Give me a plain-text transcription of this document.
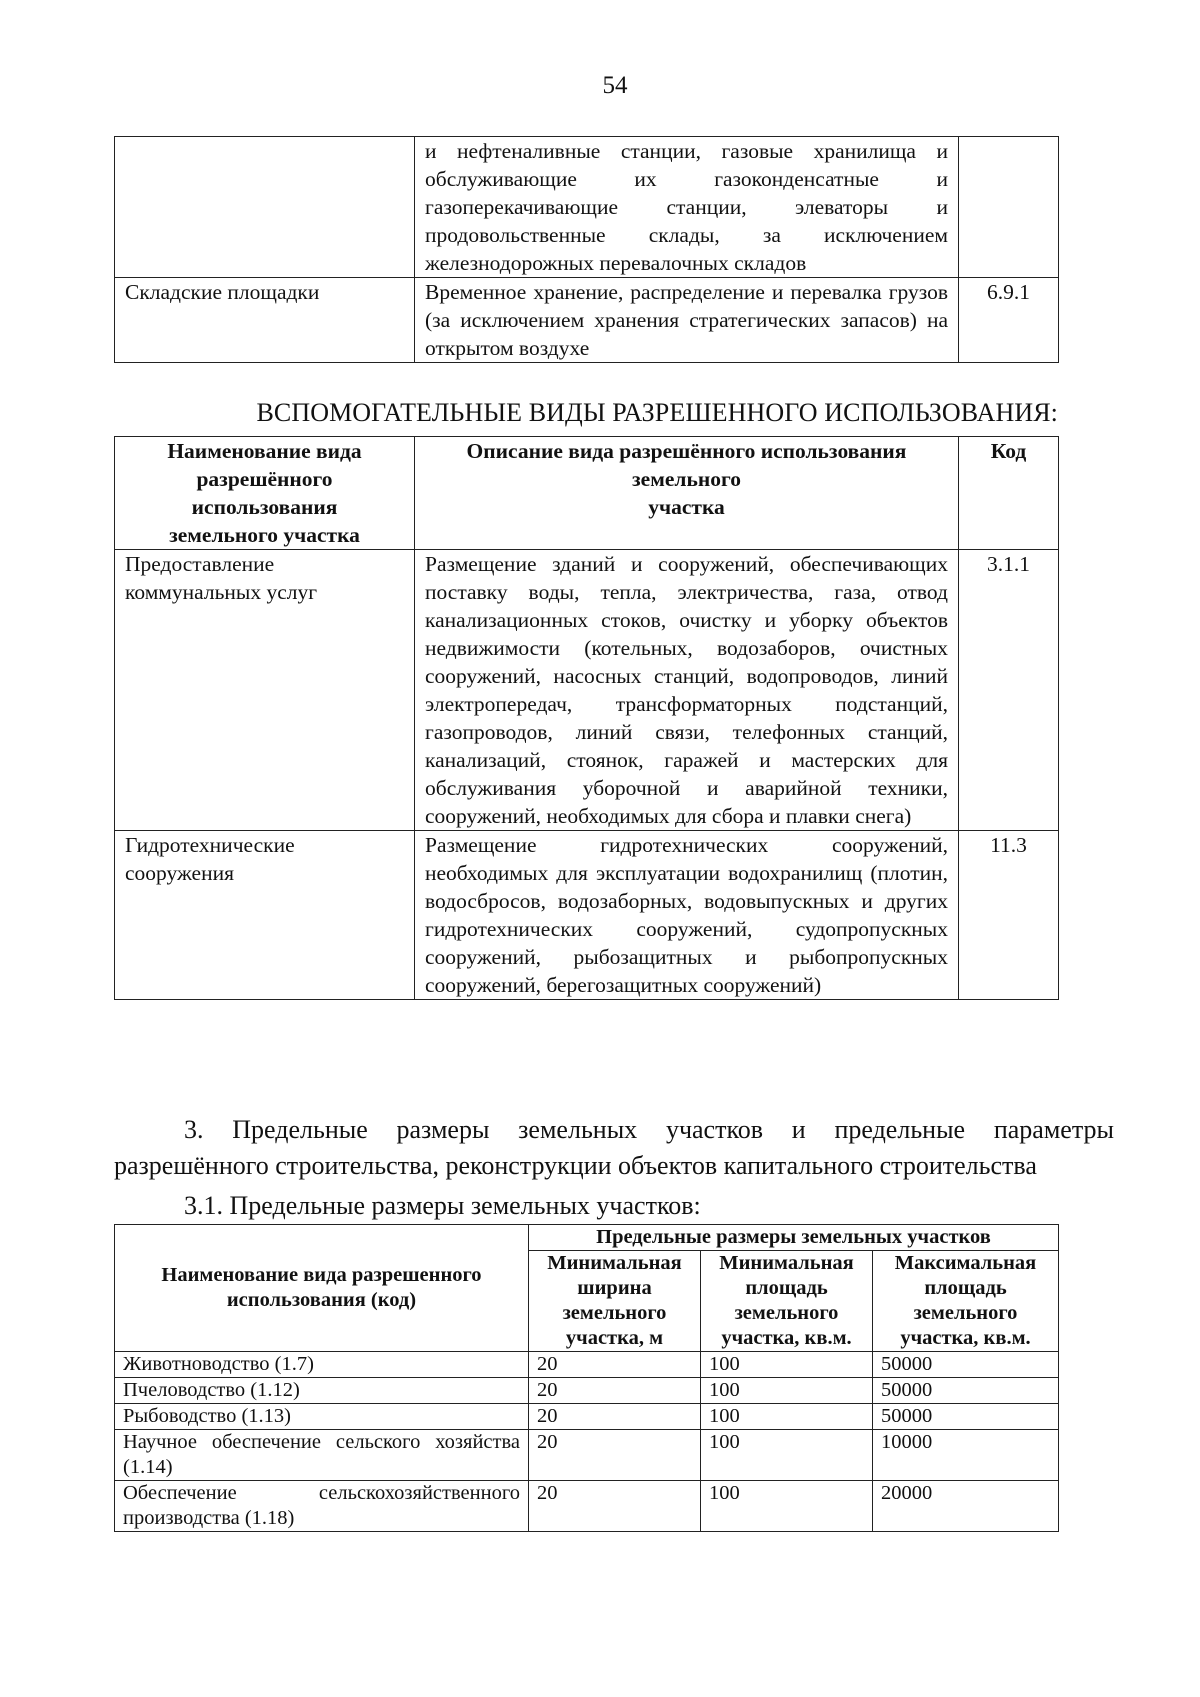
54
	и нефтеналивные станции, газовые хранилища и обслуживающие их газоконденсатные и газоперекачивающие станции, элеваторы и продовольственные склады, за исключением железнодорожных перевалочных складов	
Складские площадки	Временное хранение, распределение и перевалка грузов (за исключением хранения стратегических запасов) на открытом воздухе	6.9.1
ВСПОМОГАТЕЛЬНЫЕ ВИДЫ РАЗРЕШЕННОГО ИСПОЛЬЗОВАНИЯ:
Наименование вида разрешённого использования земельного участка	Описание вида разрешённого использования земельного
участка	Код
Предоставление коммунальных услуг	Размещение зданий и сооружений, обеспечивающих поставку воды, тепла, электричества, газа, отвод канализационных стоков, очистку и уборку объектов недвижимости (котельных, водозаборов, очистных сооружений, насосных станций, водопроводов, линий электропередач, трансформаторных подстанций, газопроводов, линий связи, телефонных станций, канализаций, стоянок, гаражей и мастерских для обслуживания уборочной и аварийной техники, сооружений, необходимых для сбора и плавки снега)	3.1.1
Гидротехнические сооружения	Размещение гидротехнических сооружений, необходимых для эксплуатации водохранилищ (плотин, водосбросов, водозаборных, водовыпускных и других гидротехнических сооружений, судопропускных сооружений, рыбозащитных и рыбопропускных сооружений, берегозащитных сооружений)	11.3
3. Предельные размеры земельных участков и предельные параметры разрешённого строительства, реконструкции объектов капитального строительства
3.1. Предельные размеры земельных участков:
Наименование вида разрешенного использования (код)	Предельные размеры земельных участков		
	Минимальная ширина земельного участка, м	Минимальная площадь земельного участка, кв.м.	Максимальная площадь земельного участка, кв.м.
Животноводство (1.7)	20	100	50000
Пчеловодство (1.12)	20	100	50000
Рыбоводство (1.13)	20	100	50000
Научное обеспечение сельского хозяйства (1.14)	20	100	10000
Обеспечение сельскохозяйственного производства (1.18)	20	100	20000
